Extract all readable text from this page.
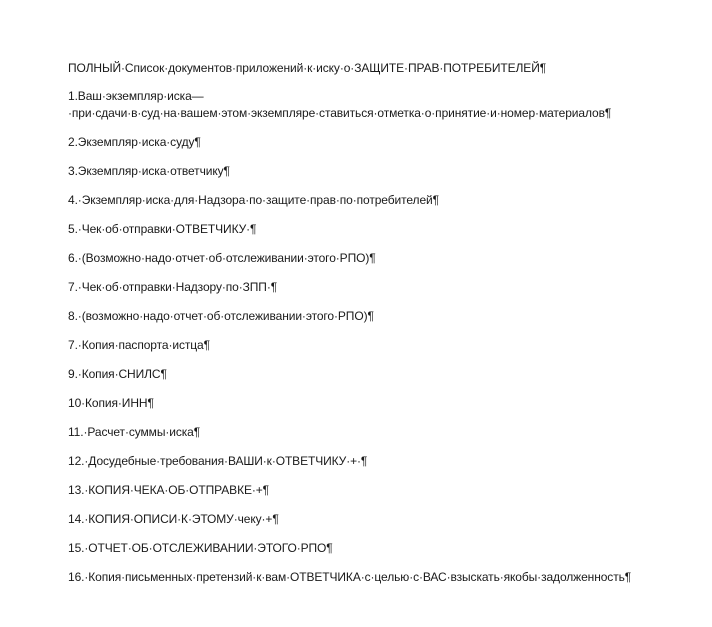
ПОЛНЫЙ·Список·документов·приложений·к·иску·о·ЗАЩИТЕ·ПРАВ·ПОТРЕБИТЕЛЕЙ¶

1.Ваш·экземпляр·иска—·при·сдачи·в·суд·на·вашем·этом·экземпляре·ставиться·отметка·о·принятие·и·номер·материалов¶

2.Экземпляр·иска·суду¶

3.Экземпляр·иска·ответчику¶

4.·Экземпляр·иска·для·Надзора·по·защите·прав·по·потребителей¶

5.·Чек·об·отправки·ОТВЕТЧИКУ·¶

6.·(Возможно·надо·отчет·об·отслеживании·этого·РПО)¶

7.·Чек·об·отправки·Надзору·по·ЗПП·¶

8.·(возможно·надо·отчет·об·отслеживании·этого·РПО)¶

7.·Копия·паспорта·истца¶

9.·Копия·СНИЛС¶

10·Копия·ИНН¶

11.·Расчет·суммы·иска¶

12.·Досудебные·требования·ВАШИ·к·ОТВЕТЧИКУ·+·¶

13.·КОПИЯ·ЧЕКА·ОБ·ОТПРАВКЕ·+¶

14.·КОПИЯ·ОПИСИ·К·ЭТОМУ·чеку·+¶

15.·ОТЧЕТ·ОБ·ОТСЛЕЖИВАНИИ·ЭТОГО·РПО¶

16.·Копия·письменных·претензий·к·вам·ОТВЕТЧИКА·с·целью·с·ВАС·взыскать·якобы·задолженность¶
